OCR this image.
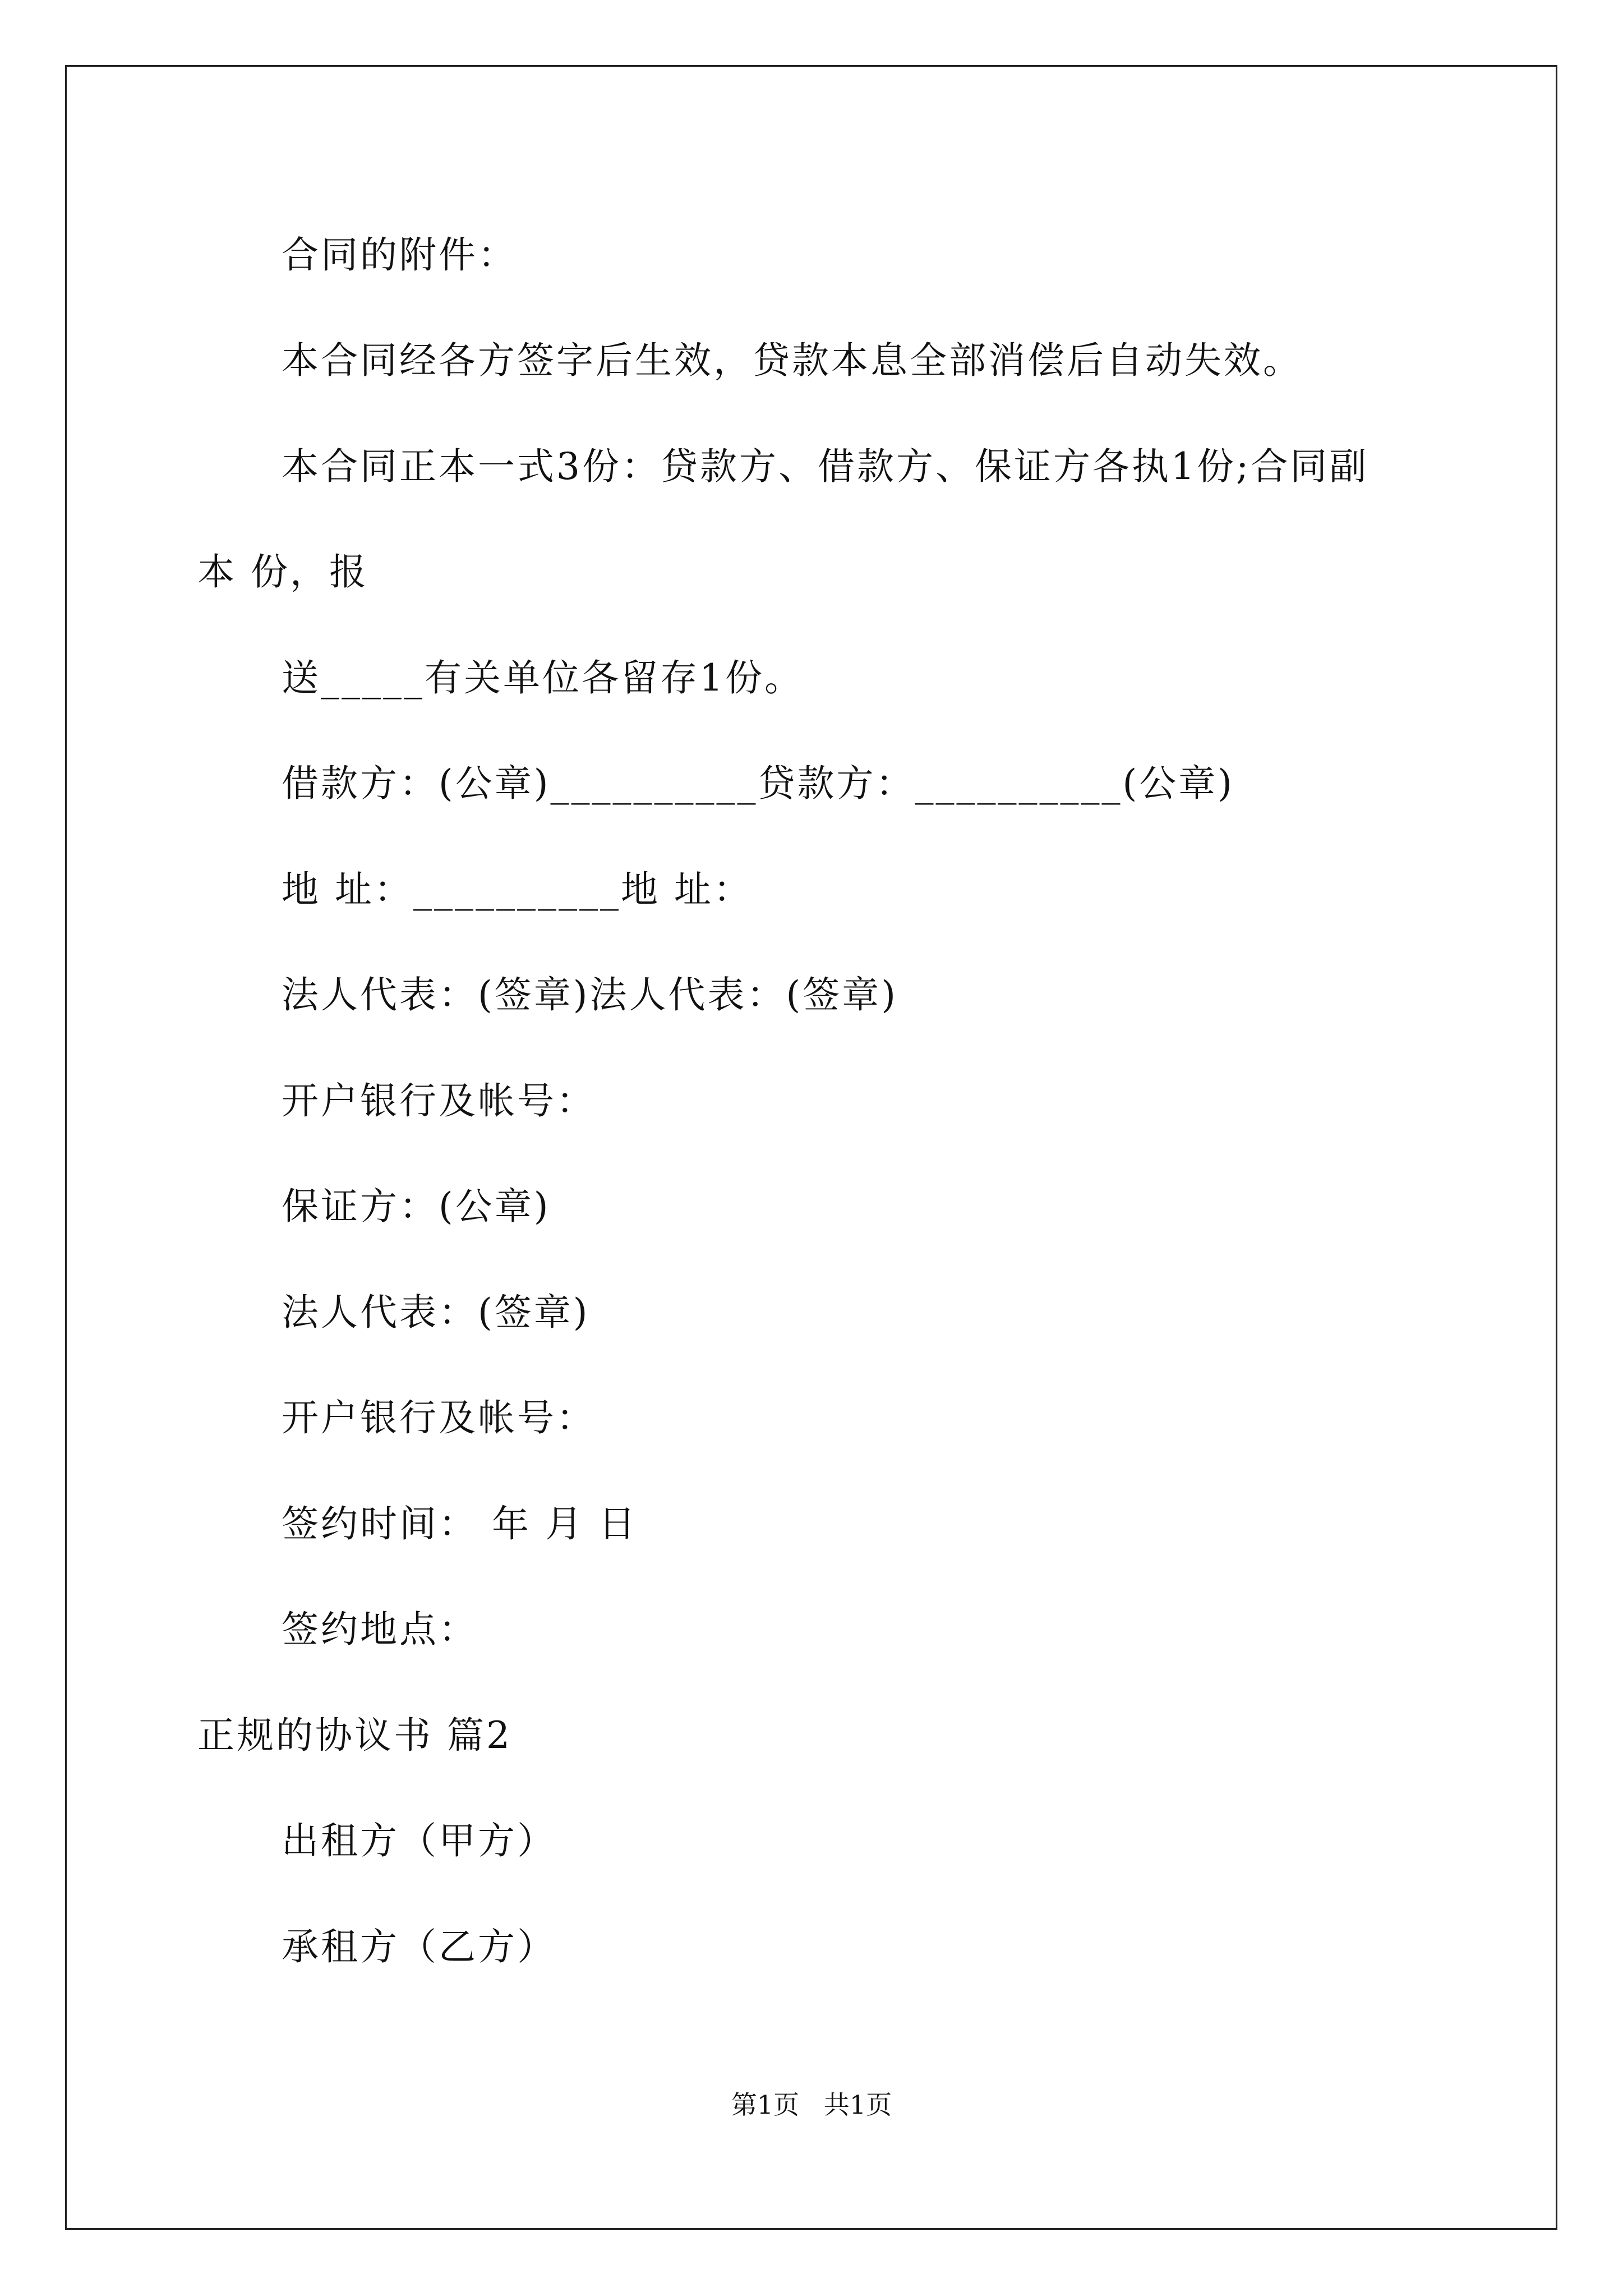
合同的附件：
本合同经各方签字后生效，贷款本息全部消偿后自动失效。
本合同正本一式3份：贷款方、借款方、保证方各执1份;合同副
本 份，报
送_____有关单位各留存1份。
借款方：(公章)__________贷款方：__________(公章)
地 址：__________地 址：
法人代表：(签章)法人代表：(签章)
开户银行及帐号：
保证方：(公章)
法人代表：(签章)
开户银行及帐号：
签约时间： 年 月 日
签约地点：
正规的协议书 篇2
出租方（甲方）
承租方（乙方）
第1页   共1页
